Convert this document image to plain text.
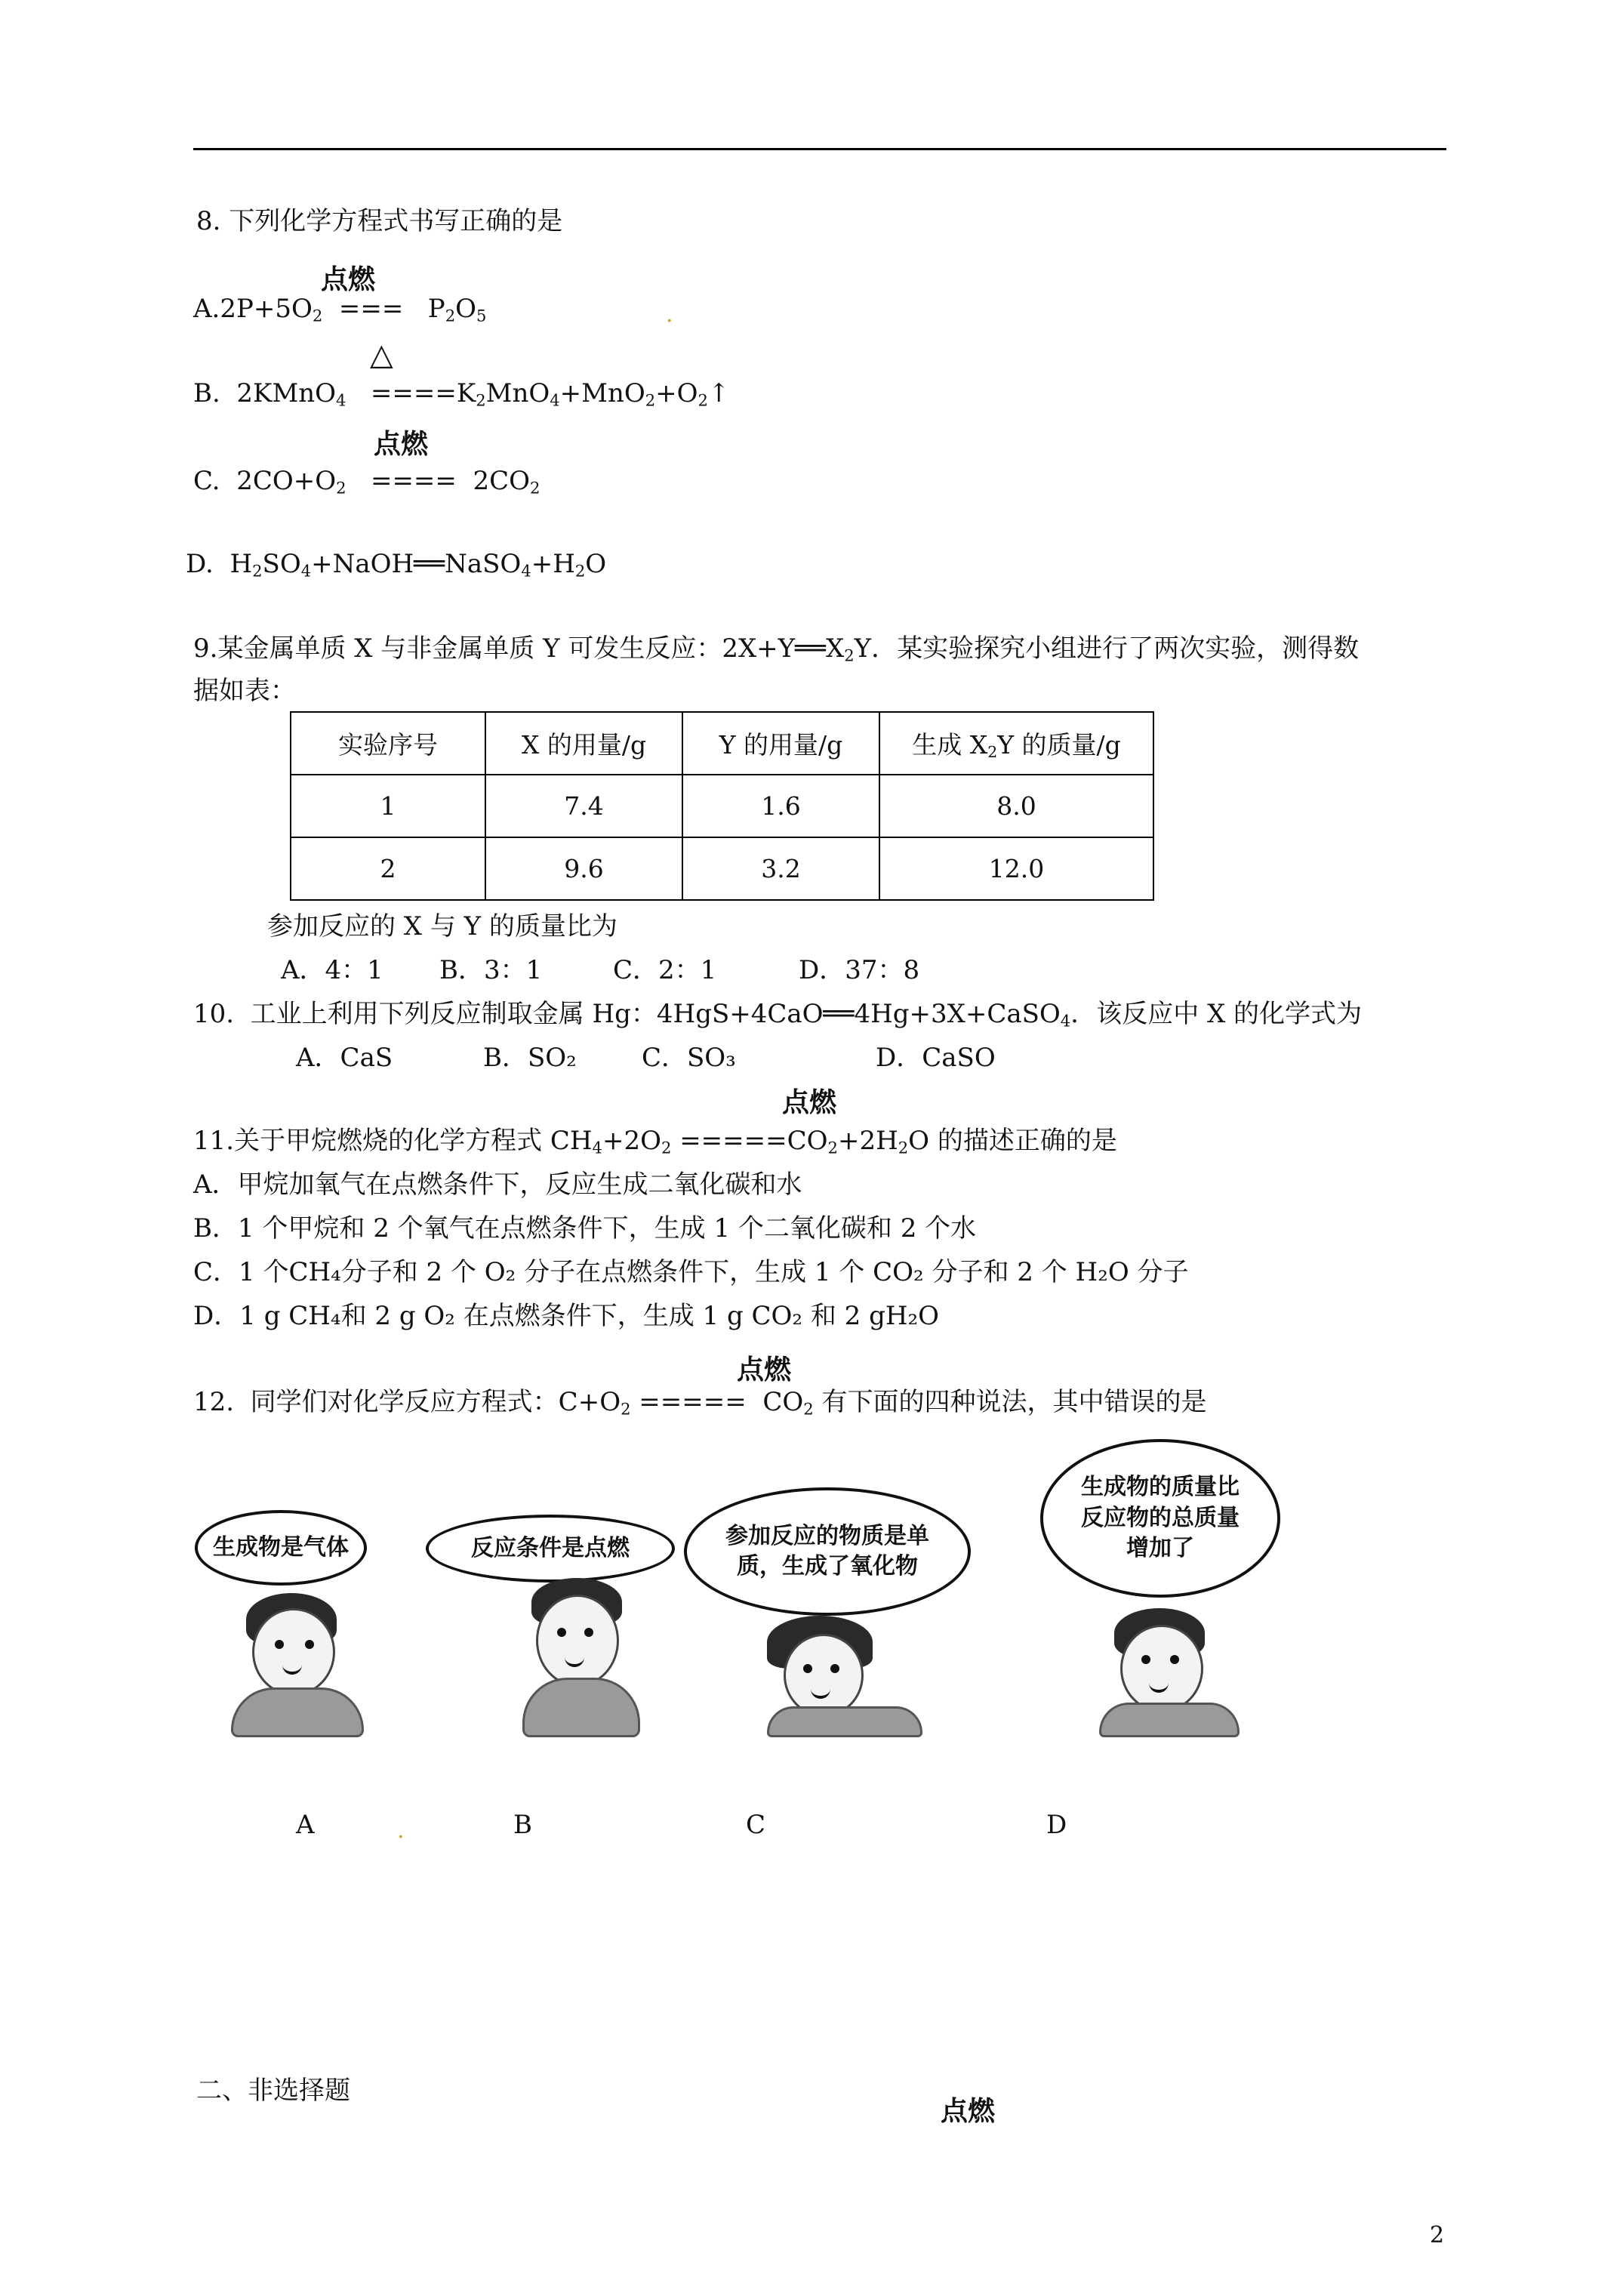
8. 下列化学方程式书写正确的是
点燃
$A.2P+5O_2$  ===   $P_2O_5$	.
△
B.  2KMnO$_4$   $====K_2MnO_4+MnO_2+O_2↑$
点燃
C.  $2CO+O_2$   ====  $2CO_2$
D.  $H_2SO_4+NaOH══NaSO_4+H_2O$
9.某金属单质 X 与非金属单质 Y 可发生反应：$2X+Y══X_2Y$．某实验探究小组进行了两次实验，测得数
据如表：
实验序号	X 的用量/g	Y 的用量/g	生成 $X_2Y$ 的质量/g
1	7.4	1.6	8.0
2	9.6	3.2	12.0
参加反应的 X 与 Y 的质量比为
A．4：1 B．3：1	C．2：1	D．37：8
10.  工业上利用下列反应制取金属 Hg：4HgS+4CaO══4Hg+3X+CaSO$_4$．该反应中 X 的化学式为
A．CaS	B．SO₂	C．SO₃	D．CaSO
点燃
11.关于甲烷燃烧的化学方程式 $CH_4+2O_2 =====CO_2+2H_2O$ 的描述正确的是
A．甲烷加氧气在点燃条件下，反应生成二氧化碳和水
B．1 个甲烷和 2 个氧气在点燃条件下，生成 1 个二氧化碳和 2 个水
C．1 个CH₄分子和 2 个 O₂ 分子在点燃条件下，生成 1 个 CO₂ 分子和 2 个 H₂O 分子
D．1 g CH₄和 2 g O₂ 在点燃条件下，生成 1 g CO₂ 和 2 gH₂O
点燃
12.  同学们对化学反应方程式：$C+O_2$ =====  $CO_2$ 有下面的四种说法，其中错误的是
生成物是气体	反应条件是点燃	参加反应的物质是单质，生成了氧化物
生成物的质量比反应物的总质量增加了
A	.	B	C	D
二、非选择题
点燃
2
